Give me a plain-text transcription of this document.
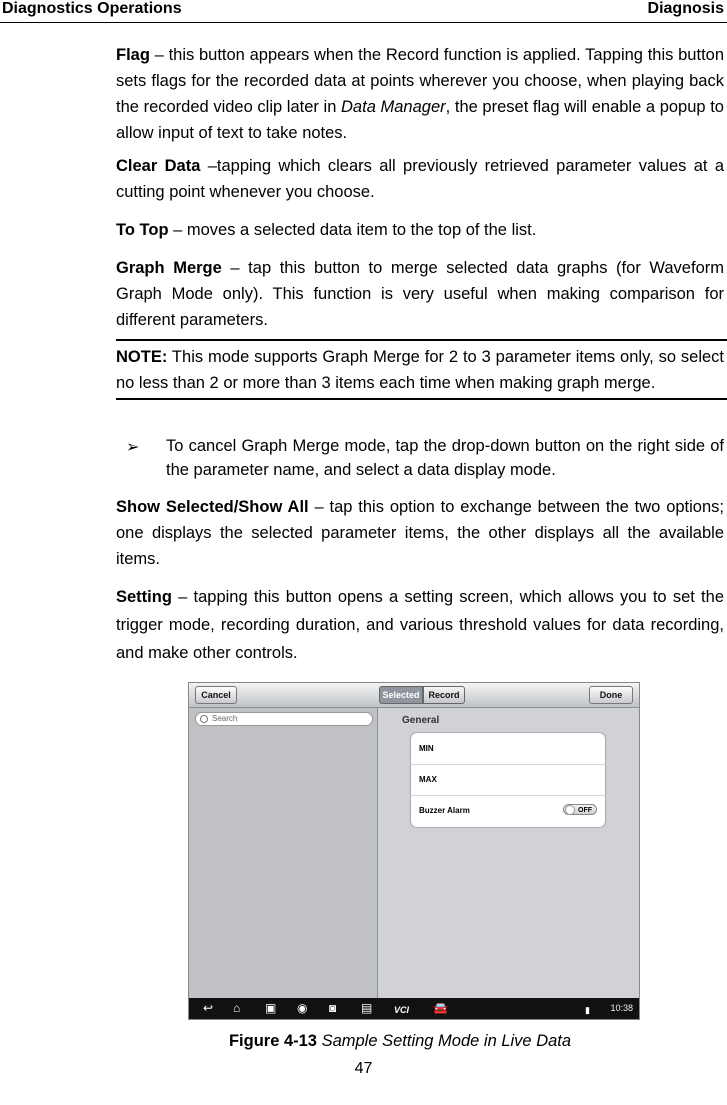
Diagnostics Operations	Diagnosis
Flag – this button appears when the Record function is applied. Tapping this button sets flags for the recorded data at points wherever you choose, when playing back the recorded video clip later in Data Manager, the preset flag will enable a popup to allow input of text to take notes.
Clear Data –tapping which clears all previously retrieved parameter values at a cutting point whenever you choose.
To Top – moves a selected data item to the top of the list.
Graph Merge – tap this button to merge selected data graphs (for Waveform Graph Mode only). This function is very useful when making comparison for different parameters.

NOTE: This mode supports Graph Merge for 2 to 3 parameter items only, so select no less than 2 or more than 3 items each time when making graph merge.

➢ To cancel Graph Merge mode, tap the drop-down button on the right side of the parameter name, and select a data display mode.
Show Selected/Show All – tap this option to exchange between the two options; one displays the selected parameter items, the other displays all the available items.
Setting – tapping this button opens a setting screen, which allows you to set the trigger mode, recording duration, and various threshold values for data recording, and make other controls.
Cancel	Selected Record	Done
Search	General
MIN
MAX
Buzzer Alarm	OFF
↩ ⌂ ▣ ◉ ◙ ▤ VCI 🚘	▮ 10:38
Figure 4-13 Sample Setting Mode in Live Data
47
